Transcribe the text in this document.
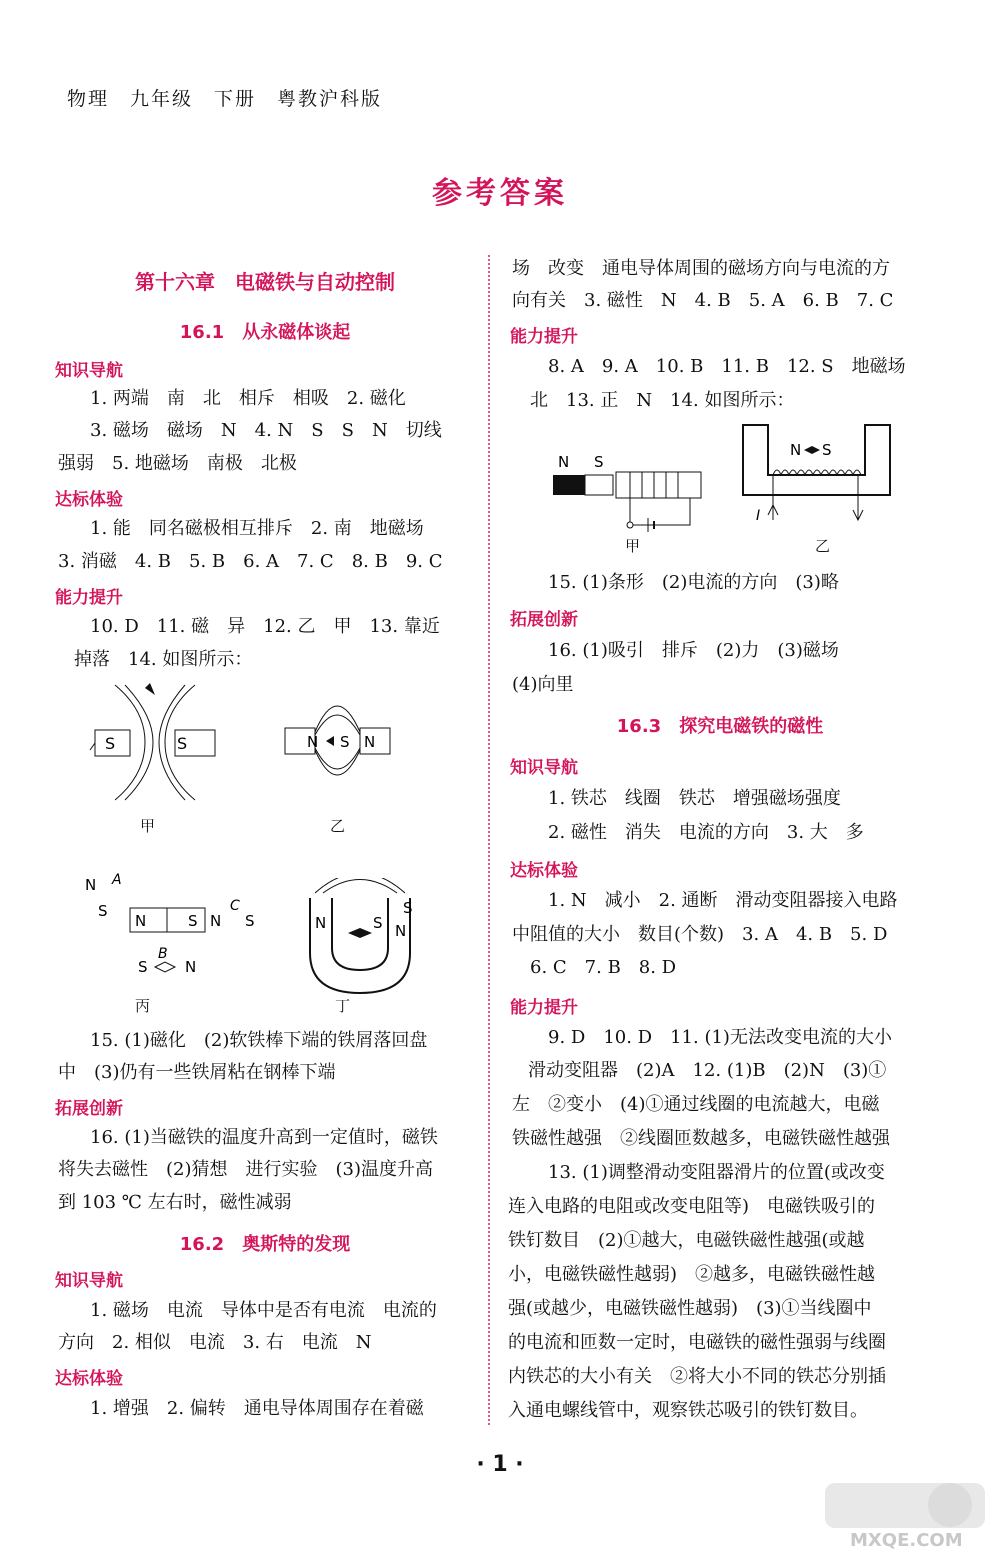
物理　九年级　下册　粤教沪科版
参考答案
第十六章　电磁铁与自动控制
16.1　从永磁体谈起
知识导航
1. 两端　南　北　相斥　相吸　2. 磁化
3. 磁场　磁场　N　4. N　S　S　N　切线
强弱　5. 地磁场　南极　北极
达标体验
1. 能　同名磁极相互排斥　2. 南　地磁场
3. 消磁　4. B　5. B　6. A　7. C　8. B　9. C
能力提升
10. D　11. 磁　异　12. 乙　甲　13. 靠近
掉落　14. 如图所示：
S	S
甲
N	N
S
乙
N A
S
N	S N
C
S
B
S N
丙
N	S N
S
丁
15. (1)磁化　(2)软铁棒下端的铁屑落回盘
中　(3)仍有一些铁屑粘在钢棒下端
拓展创新
16. (1)当磁铁的温度升高到一定值时，磁铁
将失去磁性　(2)猜想　进行实验　(3)温度升高
到 103 ℃ 左右时，磁性减弱
16.2　奥斯特的发现
知识导航
1. 磁场　电流　导体中是否有电流　电流的
方向　2. 相似　电流　3. 右　电流　N
达标体验
1. 增强　2. 偏转　通电导体周围存在着磁
场　改变　通电导体周围的磁场方向与电流的方
向有关　3. 磁性　N　4. B　5. A　6. B　7. C
能力提升
8. A　9. A　10. B　11. B　12. S　地磁场
北　13. 正　N　14. 如图所示：
N S
甲
N S
I
乙
15. (1)条形　(2)电流的方向　(3)略
拓展创新
16. (1)吸引　排斥　(2)力　(3)磁场
(4)向里
16.3　探究电磁铁的磁性
知识导航
1. 铁芯　线圈　铁芯　增强磁场强度
2. 磁性　消失　电流的方向　3. 大　多
达标体验
1. N　减小　2. 通断　滑动变阻器接入电路
中阻值的大小　数目(个数)　3. A　4. B　5. D
6. C　7. B　8. D
能力提升
9. D　10. D　11. (1)无法改变电流的大小
滑动变阻器　(2)A　12. (1)B　(2)N　(3)①
左　②变小　(4)①通过线圈的电流越大，电磁
铁磁性越强　②线圈匝数越多，电磁铁磁性越强
13. (1)调整滑动变阻器滑片的位置(或改变
连入电路的电阻或改变电阻等)　电磁铁吸引的
铁钉数目　(2)①越大，电磁铁磁性越强(或越
小，电磁铁磁性越弱)　②越多，电磁铁磁性越
强(或越少，电磁铁磁性越弱)　(3)①当线圈中
的电流和匝数一定时，电磁铁的磁性强弱与线圈
内铁芯的大小有关　②将大小不同的铁芯分别插
入通电螺线管中，观察铁芯吸引的铁钉数目。
· 1 ·
MXQE.COM
